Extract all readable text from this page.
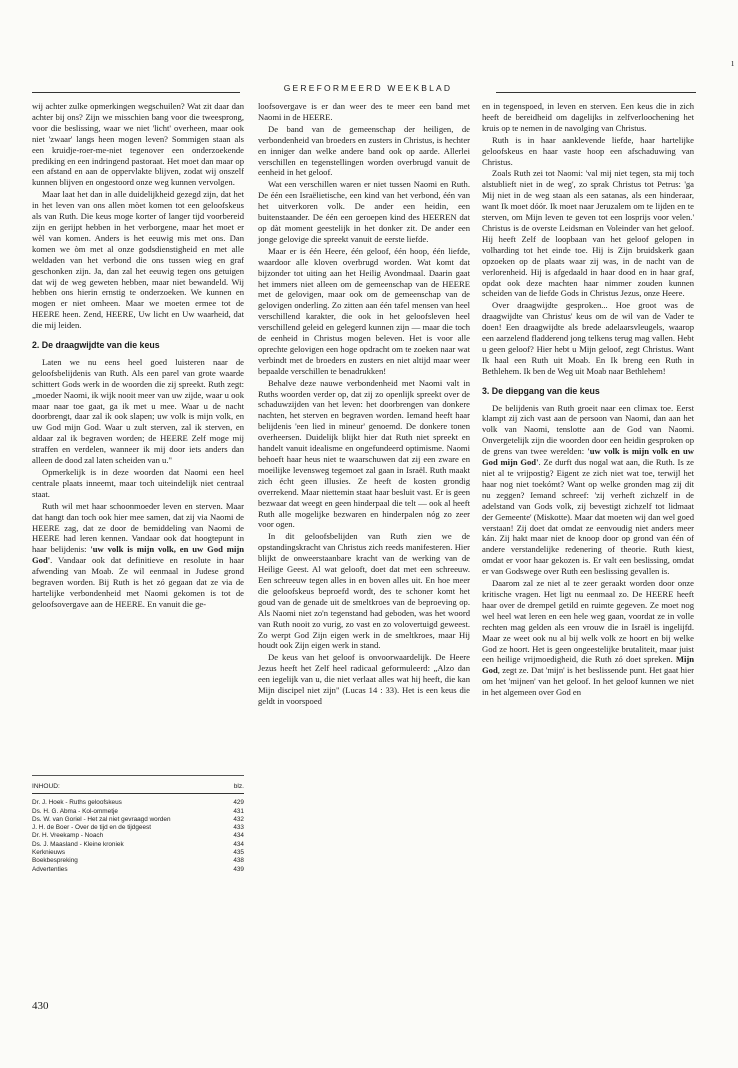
ı
GEREFORMEERD WEEKBLAD

wij achter zulke opmerkingen wegschuilen? Wat zit daar dan achter bij ons? Zijn we misschien bang voor die tweesprong, voor die beslissing, waar we niet 'licht' overheen, maar ook niet 'zwaar' langs heen mogen leven? Sommigen staan als een kruidje-roer-me-niet tegenover een onderzoekende prediking en een indringend pastoraat. Het moet dan maar op een afstand en aan de oppervlakte blijven, zodat wij onszelf kunnen blijven en ongestoord onze weg kunnen vervolgen.

Maar laat het dan in alle duidelijkheid gezegd zijn, dat het in het leven van ons allen mòet komen tot een geloofskeus als van Ruth. Die keus moge korter of langer tijd voorbereid zijn en gerijpt hebben in het verborgene, maar het moet er wèl van komen. Anders is het eeuwig mis met ons. Dan komen we òm met al onze godsdienstigheid en met alle weldaden van het verbond die ons tussen wieg en graf geschonken zijn. Ja, dan zal het eeuwig tegen ons getuigen dat wij de weg geweten hebben, maar niet bewandeld. Wij hebben ons hierin ernstig te onderzoeken. We kunnen en mogen er niet omheen. Maar we moeten ermee tot de HEERE heen. Zend, HEERE, Uw licht en Uw waarheid, dat die mij leiden.

2. De draagwijdte van die keus

Laten we nu eens heel goed luisteren naar de geloofsbelijdenis van Ruth. Als een parel van grote waarde schittert Gods werk in de woorden die zij spreekt. Ruth zegt: „moeder Naomi, ik wijk nooit meer van uw zijde, waar u ook maar naar toe gaat, ga ik met u mee. Waar u de nacht doorbrengt, daar zal ik ook slapen; uw volk is mijn volk, en uw God mijn God. Waar u zult sterven, zal ik sterven, en aldaar zal ik begraven worden; de HEERE Zelf moge mij straffen en verdelen, wanneer ik mij door iets anders dan alleen de dood zal laten scheiden van u."

Opmerkelijk is in deze woorden dat Naomi een heel centrale plaats inneemt, maar toch uiteindelijk niet centraal staat.

Ruth wil met haar schoonmoeder leven en sterven. Maar dat hangt dan toch ook hier mee samen, dat zij via Naomi de HEERE zag, dat ze door de bemiddeling van Naomi de HEERE had leren kennen. Vandaar ook dat hoogtepunt in haar belijdenis: 'uw volk is mijn volk, en uw God mijn God'. Vandaar ook dat definitieve en resolute in haar afwending van Moab. Ze wil eenmaal in Judese grond begraven worden. Bij Ruth is het zó gegaan dat ze via de hartelijke verbondenheid met Naomi gekomen is tot de geloofsovergave aan de HEERE. En vanuit die ge-

INHOUD:	blz.
Dr. J. Hoek - Ruths geloofskeus	429
Ds. H. G. Abma - Kol-ommetje	431
Ds. W. van Goriel - Het zal niet gevraagd worden	432
J. H. de Boer - Over de tijd en de tijdgeest	433
Dr. H. Vreekamp - Noach	434
Ds. J. Maasland - Kleine kroniek	434
Kerknieuws	435
Boekbespreking	438
Advertenties	439
430

loofsovergave is er dan weer des te meer een band met Naomi in de HEERE.

De band van de gemeenschap der heiligen, de verbondenheid van broeders en zusters in Christus, is hechter en inniger dan welke andere band ook op aarde. Allerlei verschillen en tegenstellingen worden overbrugd vanuit de eenheid in het geloof.

Wat een verschillen waren er niet tussen Naomi en Ruth. De één een Israëlietische, een kind van het verbond, één van het uitverkoren volk. De ander een heidin, een buitenstaander. De één een geroepen kind des HEEREN dat op dàt moment geestelijk in het donker zit. De ander een jonge gelovige die spreekt vanuit de eerste liefde.

Maar er is één Heere, één geloof, één hoop, één liefde, waardoor alle kloven overbrugd worden. Wat komt dat bijzonder tot uiting aan het Heilig Avondmaal. Daarin gaat het immers niet alleen om de gemeenschap van de HEERE met de gelovigen, maar ook om de gemeenschap van de gelovigen onderling. Zo zitten aan één tafel mensen van heel verschillend karakter, die ook in het geloofsleven heel verschillend geleid en gelegerd kunnen zijn — maar die toch de eenheid in Christus mogen beleven. Het is voor alle oprechte gelovigen een hoge opdracht om te zoeken naar wat verbindt met de broeders en zusters en niet altijd maar weer bepaalde verschillen te benadrukken!

Behalve deze nauwe verbondenheid met Naomi valt in Ruths woorden verder op, dat zij zo openlijk spreekt over de schaduwzijden van het leven: het doorbrengen van donkere nachten, het sterven en begraven worden. Iemand heeft haar belijdenis 'een lied in mineur' genoemd. De donkere tonen overheersen. Duidelijk blijkt hier dat Ruth niet spreekt en handelt vanuit idealisme en ongefundeerd optimisme. Naomi behoeft haar heus niet te waarschuwen dat zij een zware en moeilijke levensweg tegemoet zal gaan in Israël. Ruth maakt zich écht geen illusies. Ze heeft de kosten grondig overrekend. Maar niettemin staat haar besluit vast. Er is geen bezwaar dat weegt en geen hinderpaal die telt — ook al heeft Ruth alle mogelijke bezwaren en hinderpalen nóg zo zeer voor ogen.

In dit geloofsbelijden van Ruth zien we de opstandingskracht van Christus zich reeds manifesteren. Hier blijkt de onweerstaanbare kracht van de werking van de Heilige Geest. Al wat gelooft, doet dat met een schreeuw. Een schreeuw tegen alles in en boven alles uit. En hoe meer die geloofskeus beproefd wordt, des te schoner komt het goud van de genade uit de smeltkroes van de beproeving op. Als Naomi niet zo'n tegenstand had geboden, was het woord van Ruth nooit zo vurig, zo vast en zo volovertuigd geweest. Zo werpt God Zijn eigen werk in de smeltkroes, maar Hij houdt ook Zijn eigen werk in stand.

De keus van het geloof is onvoorwaardelijk. De Heere Jezus heeft het Zelf heel radicaal geformuleerd: „Alzo dan een iegelijk van u, die niet verlaat alles wat hij heeft, die kan Mijn discipel niet zijn" (Lucas 14 : 33). Het is een keus die geldt in voorspoed

en in tegenspoed, in leven en sterven. Een keus die in zich heeft de bereidheid om dagelijks in zelfverloochening het kruis op te nemen in de navolging van Christus.

Ruth is in haar aanklevende liefde, haar hartelijke geloofskeus en haar vaste hoop een afschaduwing van Christus.

Zoals Ruth zei tot Naomi: 'val mij niet tegen, sta mij toch alstublieft niet in de weg', zo sprak Christus tot Petrus: 'ga Mij niet in de weg staan als een satanas, als een hinderaar, want Ik moet dóór. Ik moet naar Jeruzalem om te lijden en te sterven, om Mijn leven te geven tot een losprijs voor velen.' Christus is de overste Leidsman en Voleinder van het geloof. Hij heeft Zelf de loopbaan van het geloof gelopen in volharding tot het einde toe. Hij is Zijn bruidskerk gaan opzoeken op de plaats waar zij was, in de nacht van de verlorenheid. Hij is afgedaald in haar dood en in haar graf, opdat ook deze machten haar nimmer zouden kunnen scheiden van de liefde Gods in Christus Jezus, onze Heere.

Over draagwijdte gesproken... Hoe groot was de draagwijdte van Christus' keus om de wil van de Vader te doen! Een draagwijdte als brede adelaarsvleugels, waarop een aarzelend fladderend jong telkens terug mag vallen. Hebt u geen geloof? Hier hebt u Mijn geloof, zegt Christus. Want Ik haal een Ruth uit Moab. En Ik breng een Ruth in Bethlehem. Ik ben de Weg uit Moab naar Bethlehem!

3. De diepgang van die keus

De belijdenis van Ruth groeit naar een climax toe. Eerst klampt zij zich vast aan de persoon van Naomi, dan aan het volk van Naomi, tenslotte aan de God van Naomi. Onvergetelijk zijn die woorden door een heidin gesproken op de grens van twee werelden: 'uw volk is mijn volk en uw God mijn God'. Ze durft dus nogal wat aan, die Ruth. Is ze niet al te vrijpostig? Eigent ze zich niet wat toe, terwijl het haar nog niet toekómt? Want op welke gronden mag zij dit nu zeggen? Iemand schreef: 'zij verheft zichzelf in de adelstand van Gods volk, zij bevestigt zichzelf tot lidmaat der Gemeente' (Miskotte). Maar dat moeten wij dan wel goed verstaan! Zij doet dat omdat ze eenvoudig niet anders meer kán. Zij hakt maar niet de knoop door op grond van één of andere verstandelijke redenering of theorie. Ruth kiest, omdat er voor haar gekozen is. Er valt een beslissing, omdat er van Godswege over Ruth een beslissing gevallen is.

Daarom zal ze niet al te zeer geraakt worden door onze kritische vragen. Het ligt nu eenmaal zo. De HEERE heeft haar over de drempel getild en ruimte gegeven. Ze moet nog wel heel wat leren en een hele weg gaan, voordat ze in volle rechten mag gelden als een vrouw die in Israël is ingelijfd. Maar ze weet ook nu al bij welk volk ze hoort en bij welke God ze hoort. Het is geen ongeestelijke brutaliteit, maar juist een heilige vrijmoedigheid, die Ruth zó doet spreken. Mijn God, zegt ze. Dat 'mijn' is het beslissende punt. Het gaat hier om het 'mijnen' van het geloof. In het geloof kunnen we niet in het algemeen over God en
